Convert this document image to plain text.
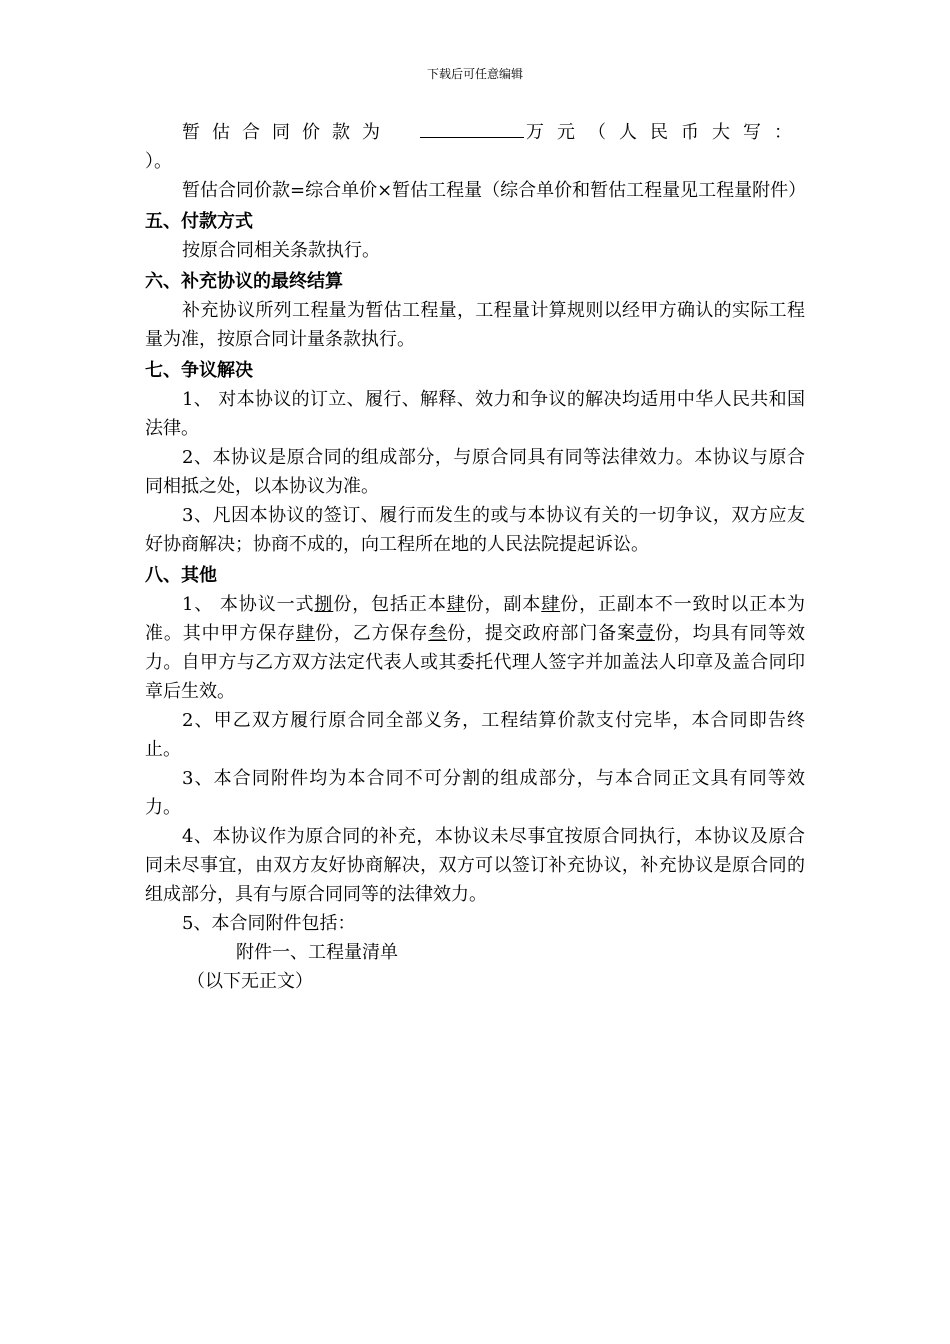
下载后可任意编辑
暂估合同价款为	万元（人民币大写：

）。

暂估合同价款=综合单价×暂估工程量（综合单价和暂估工程量见工程量附件）

五、付款方式

按原合同相关条款执行。

六、补充协议的最终结算

补充协议所列工程量为暂估工程量，工程量计算规则以经甲方确认的实际工程量为准，按原合同计量条款执行。

七、争议解决

1、 对本协议的订立、履行、解释、效力和争议的解决均适用中华人民共和国法律。

2、本协议是原合同的组成部分，与原合同具有同等法律效力。本协议与原合同相抵之处，以本协议为准。

3、凡因本协议的签订、履行而发生的或与本协议有关的一切争议，双方应友好协商解决；协商不成的，向工程所在地的人民法院提起诉讼。

八、其他

1、 本协议一式捌份，包括正本肆份，副本肆份，正副本不一致时以正本为准。其中甲方保存肆份，乙方保存叁份，提交政府部门备案壹份，均具有同等效力。自甲方与乙方双方法定代表人或其委托代理人签字并加盖法人印章及盖合同印章后生效。

2、甲乙双方履行原合同全部义务，工程结算价款支付完毕，本合同即告终止。

3、本合同附件均为本合同不可分割的组成部分，与本合同正文具有同等效力。

4、本协议作为原合同的补充，本协议未尽事宜按原合同执行，本协议及原合同未尽事宜，由双方友好协商解决，双方可以签订补充协议，补充协议是原合同的组成部分，具有与原合同同等的法律效力。

5、本合同附件包括：

附件一、工程量清单

（以下无正文）
